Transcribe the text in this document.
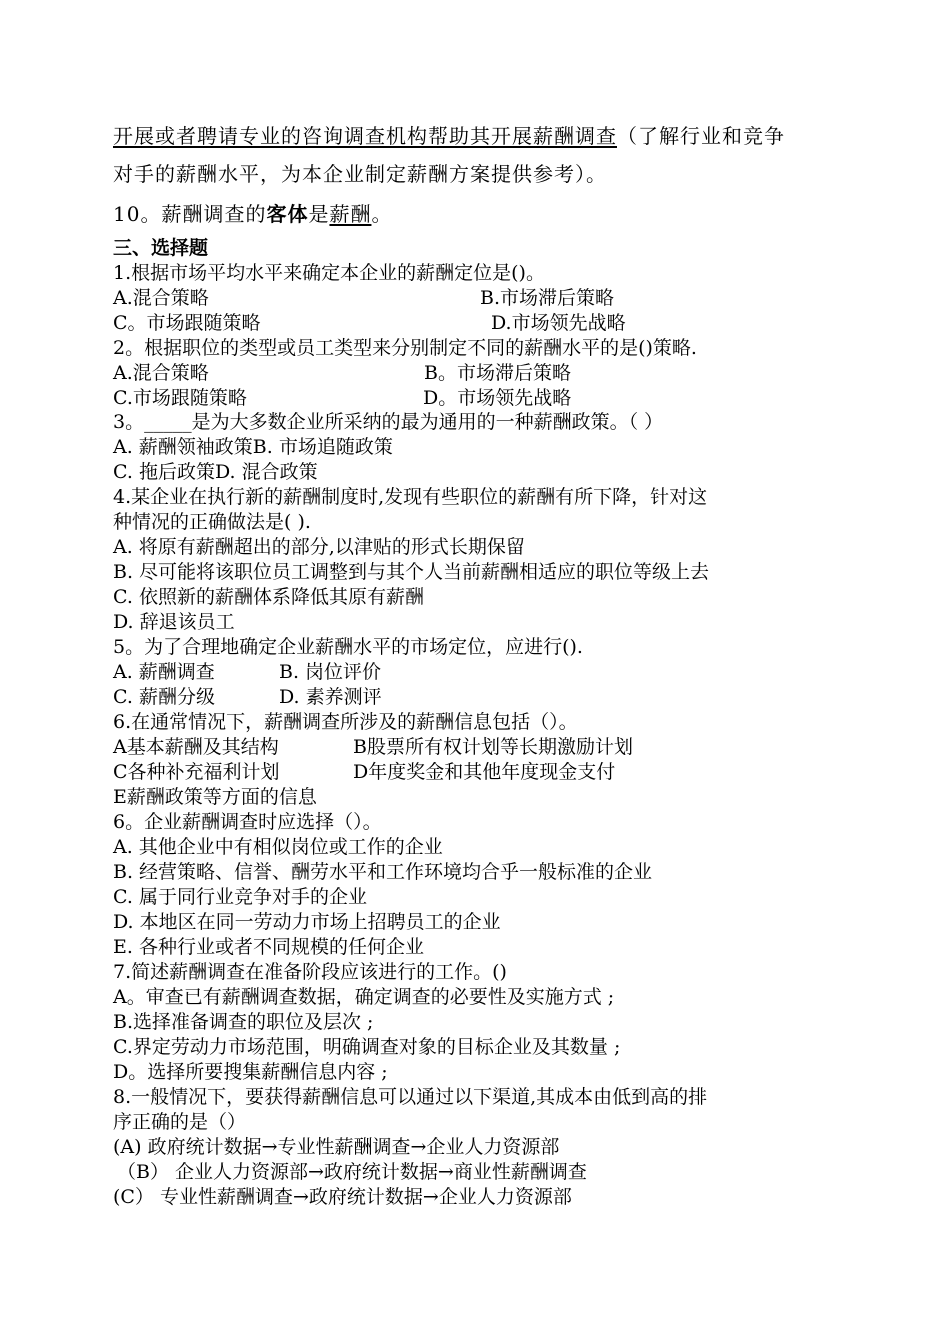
开展或者聘请专业的咨询调查机构帮助其开展薪酬调查（了解行业和竞争
对手的薪酬水平，为本企业制定薪酬方案提供参考）。
10。薪酬调查的客体是薪酬。
三、选择题
1.根据市场平均水平来确定本企业的薪酬定位是()。
A.混合策略	B.市场滞后策略
C。市场跟随策略	D.市场领先战略
2。根据职位的类型或员工类型来分别制定不同的薪酬水平的是()策略.
A.混合策略	B。市场滞后策略
C.市场跟随策略	D。市场领先战略
3。_____是为大多数企业所采纳的最为通用的一种薪酬政策。（ ）
A. 薪酬领袖政策B. 市场追随政策
C. 拖后政策D. 混合政策
4.某企业在执行新的薪酬制度时,发现有些职位的薪酬有所下降，针对这
种情况的正确做法是( ).
A. 将原有薪酬超出的部分,以津贴的形式长期保留
B. 尽可能将该职位员工调整到与其个人当前薪酬相适应的职位等级上去
C. 依照新的薪酬体系降低其原有薪酬
D. 辞退该员工
5。为了合理地确定企业薪酬水平的市场定位，应进行().
A. 薪酬调查	B. 岗位评价
C. 薪酬分级	D. 素养测评
6.在通常情况下，薪酬调查所涉及的薪酬信息包括（）。
A基本薪酬及其结构	B股票所有权计划等长期激励计划
C各种补充福利计划	D年度奖金和其他年度现金支付
E薪酬政策等方面的信息
6。企业薪酬调查时应选择（）。
A. 其他企业中有相似岗位或工作的企业
B. 经营策略、信誉、酬劳水平和工作环境均合乎一般标准的企业
C. 属于同行业竞争对手的企业
D. 本地区在同一劳动力市场上招聘员工的企业
E. 各种行业或者不同规模的任何企业
7.简述薪酬调查在准备阶段应该进行的工作。()
A。审查已有薪酬调查数据，确定调查的必要性及实施方式 ;
B.选择准备调查的职位及层次 ;
C.界定劳动力市场范围，明确调查对象的目标企业及其数量 ;
D。选择所要搜集薪酬信息内容 ;
8.一般情况下，要获得薪酬信息可以通过以下渠道,其成本由低到高的排
序正确的是（）
(A) 政府统计数据→专业性薪酬调查→企业人力资源部
（B） 企业人力资源部→政府统计数据→商业性薪酬调查
(C） 专业性薪酬调查→政府统计数据→企业人力资源部
